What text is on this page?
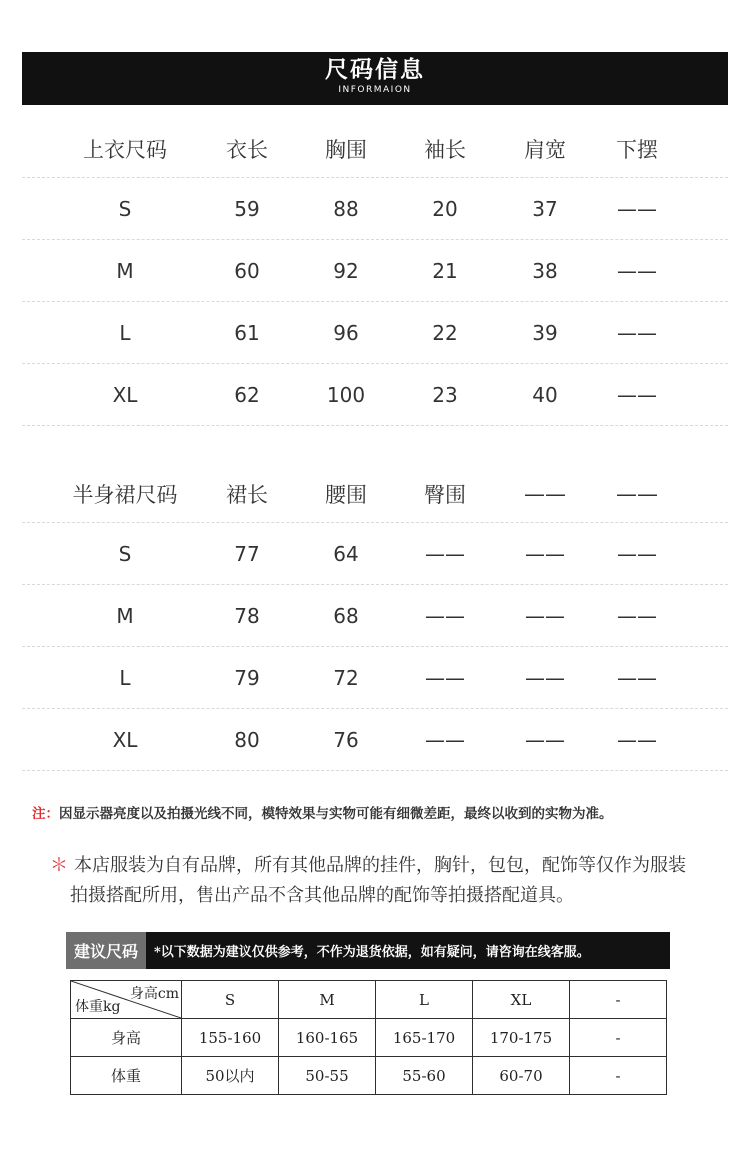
尺码信息
INFORMAION
上衣尺码	衣长	胸围	袖长	肩宽	下摆
S	59	88	20	37	——
M	60	92	21	38	——
L	61	96	22	39	——
XL	62	100	23	40	——
半身裙尺码	裙长	腰围	臀围	——	——
S	77	64	——	——	——
M	78	68	——	——	——
L	79	72	——	——	——
XL	80	76	——	——	——
注：因显示器亮度以及拍摄光线不同，模特效果与实物可能有细微差距，最终以收到的实物为准。
＊ 本店服装为自有品牌，所有其他品牌的挂件，胸针，包包，配饰等仅作为服装
拍摄搭配所用，售出产品不含其他品牌的配饰等拍摄搭配道具。
建议尺码	*以下数据为建议仅供参考，不作为退货依据，如有疑问，请咨询在线客服。
身高cm
体重kg	S	M	L	XL	-
身高	155-160	160-165	165-170	170-175	-
体重	50以内	50-55	55-60	60-70	-
